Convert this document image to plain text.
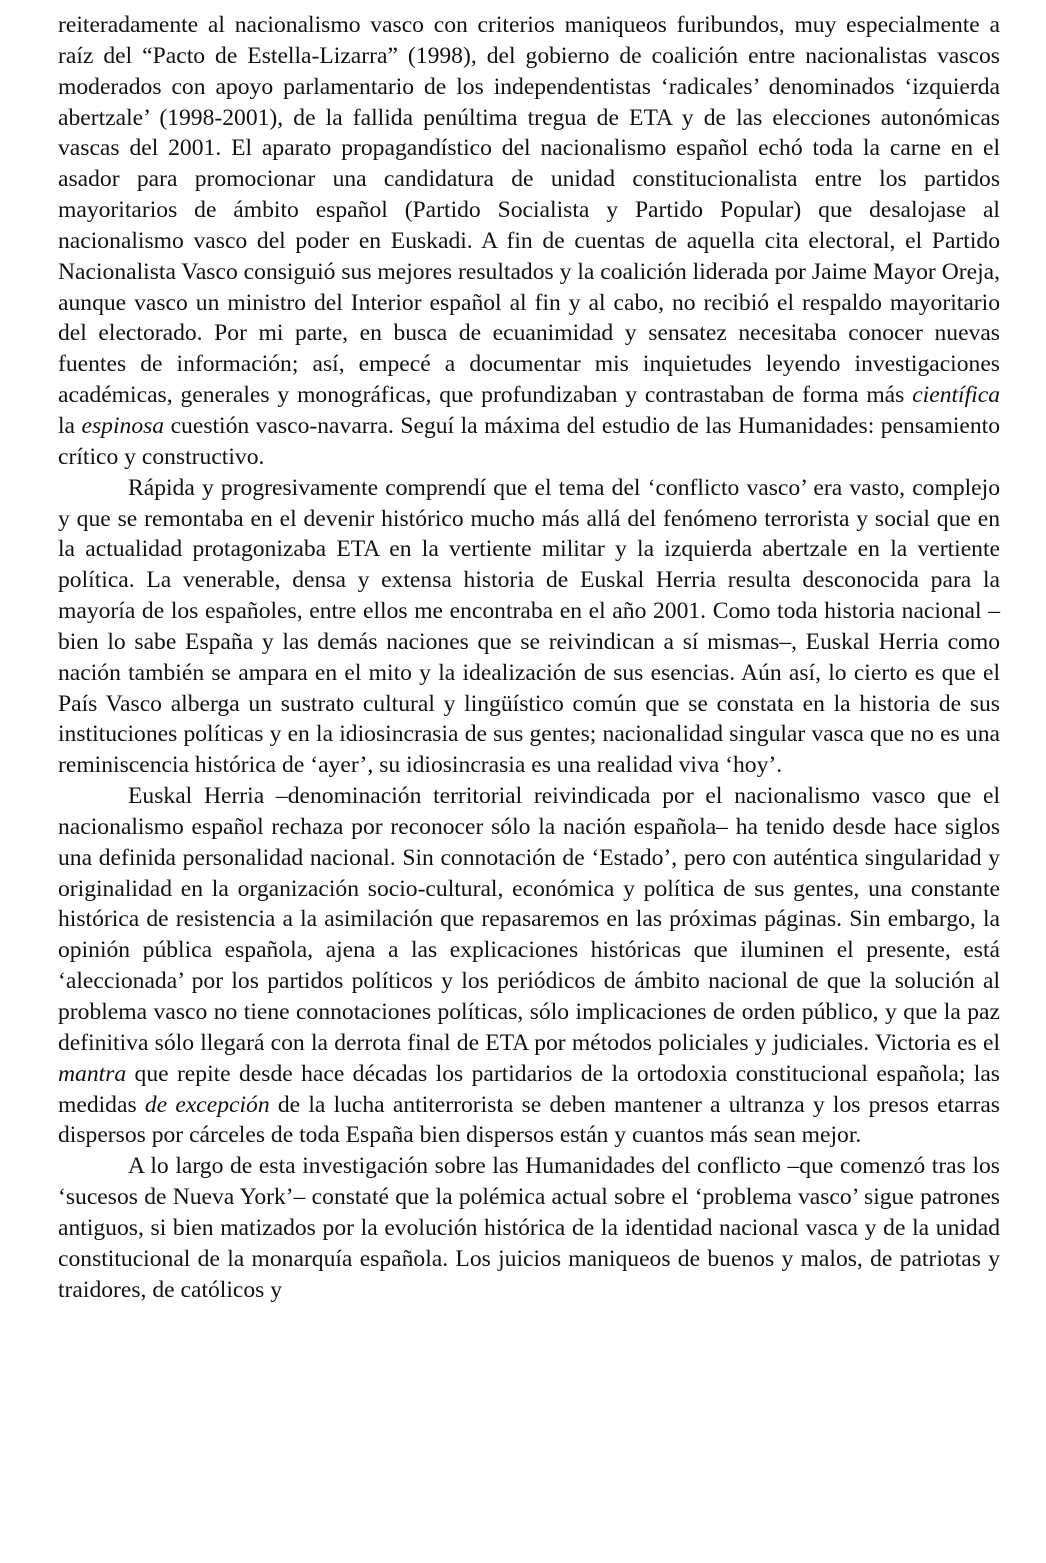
reiteradamente al nacionalismo vasco con criterios maniqueos furibundos, muy especialmente a raíz del “Pacto de Estella-Lizarra” (1998), del gobierno de coalición entre nacionalistas vascos moderados con apoyo parlamentario de los independentistas ‘radicales’ denominados ‘izquierda abertzale’ (1998-2001), de la fallida penúltima tregua de ETA y de las elecciones autonómicas vascas del 2001. El aparato propagandístico del nacionalismo español echó toda la carne en el asador para promocionar una candidatura de unidad constitucionalista entre los partidos mayoritarios de ámbito español (Partido Socialista y Partido Popular) que desalojase al nacionalismo vasco del poder en Euskadi. A fin de cuentas de aquella cita electoral, el Partido Nacionalista Vasco consiguió sus mejores resultados y la coalición liderada por Jaime Mayor Oreja, aunque vasco un ministro del Interior español al fin y al cabo, no recibió el respaldo mayoritario del electorado. Por mi parte, en busca de ecuanimidad y sensatez necesitaba conocer nuevas fuentes de información; así, empecé a documentar mis inquietudes leyendo investigaciones académicas, generales y monográficas, que profundizaban y contrastaban de forma más científica la espinosa cuestión vasco-navarra. Seguí la máxima del estudio de las Humanidades: pensamiento crítico y constructivo.

Rápida y progresivamente comprendí que el tema del ‘conflicto vasco’ era vasto, complejo y que se remontaba en el devenir histórico mucho más allá del fenómeno terrorista y social que en la actualidad protagonizaba ETA en la vertiente militar y la izquierda abertzale en la vertiente política. La venerable, densa y extensa historia de Euskal Herria resulta desconocida para la mayoría de los españoles, entre ellos me encontraba en el año 2001. Como toda historia nacional –bien lo sabe España y las demás naciones que se reivindican a sí mismas–, Euskal Herria como nación también se ampara en el mito y la idealización de sus esencias. Aún así, lo cierto es que el País Vasco alberga un sustrato cultural y lingüístico común que se constata en la historia de sus instituciones políticas y en la idiosincrasia de sus gentes; nacionalidad singular vasca que no es una reminiscencia histórica de ‘ayer’, su idiosincrasia es una realidad viva ‘hoy’.

Euskal Herria –denominación territorial reivindicada por el nacionalismo vasco que el nacionalismo español rechaza por reconocer sólo la nación española– ha tenido desde hace siglos una definida personalidad nacional. Sin connotación de ‘Estado’, pero con auténtica singularidad y originalidad en la organización socio-cultural, económica y política de sus gentes, una constante histórica de resistencia a la asimilación que repasaremos en las próximas páginas. Sin embargo, la opinión pública española, ajena a las explicaciones históricas que iluminen el presente, está ‘aleccionada’ por los partidos políticos y los periódicos de ámbito nacional de que la solución al problema vasco no tiene connotaciones políticas, sólo implicaciones de orden público, y que la paz definitiva sólo llegará con la derrota final de ETA por métodos policiales y judiciales. Victoria es el mantra que repite desde hace décadas los partidarios de la ortodoxia constitucional española; las medidas de excepción de la lucha antiterrorista se deben mantener a ultranza y los presos etarras dispersos por cárceles de toda España bien dispersos están y cuantos más sean mejor.

A lo largo de esta investigación sobre las Humanidades del conflicto –que comenzó tras los ‘sucesos de Nueva York’– constaté que la polémica actual sobre el ‘problema vasco’ sigue patrones antiguos, si bien matizados por la evolución histórica de la identidad nacional vasca y de la unidad constitucional de la monarquía española. Los juicios maniqueos de buenos y malos, de patriotas y traidores, de católicos y
